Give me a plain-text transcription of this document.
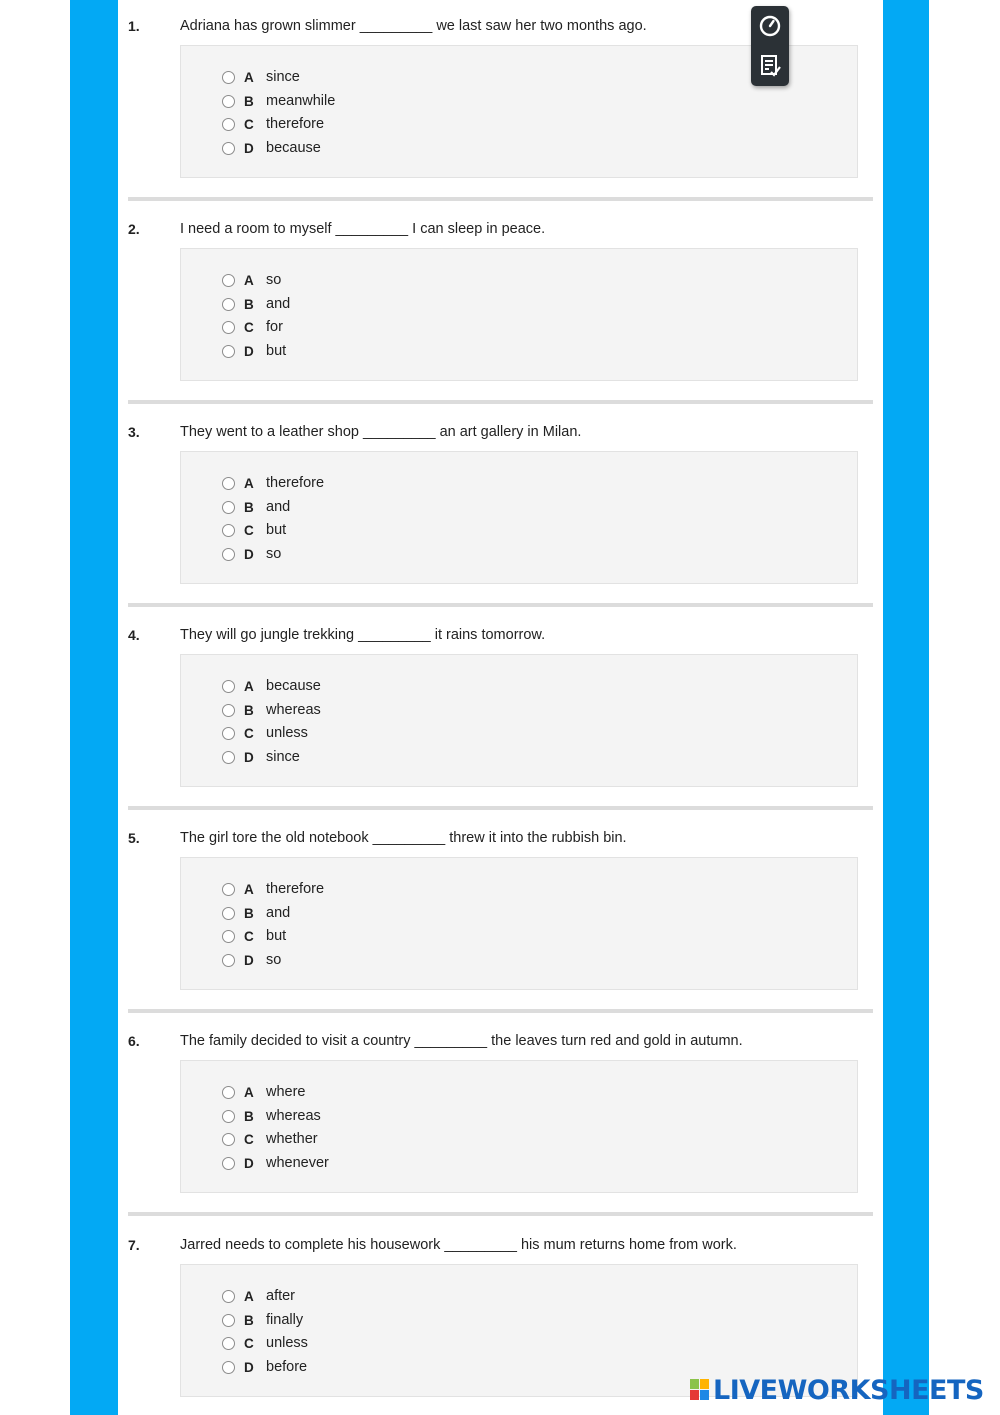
1.	Adriana has grown slimmer _________ we last saw her two months ago.
A since
B meanwhile
C therefore
D because
2.	I need a room to myself _________ I can sleep in peace.
A so
B and
C for
D but
3.	They went to a leather shop _________ an art gallery in Milan.
A therefore
B and
C but
D so
4.	They will go jungle trekking _________ it rains tomorrow.
A because
B whereas
C unless
D since
5.	The girl tore the old notebook _________ threw it into the rubbish bin.
A therefore
B and
C but
D so
6.	The family decided to visit a country _________ the leaves turn red and gold in autumn.
A where
B whereas
C whether
D whenever
7.	Jarred needs to complete his housework _________ his mum returns home from work.
A after
B finally
C unless
D before
LIVEWORKSHEETS
